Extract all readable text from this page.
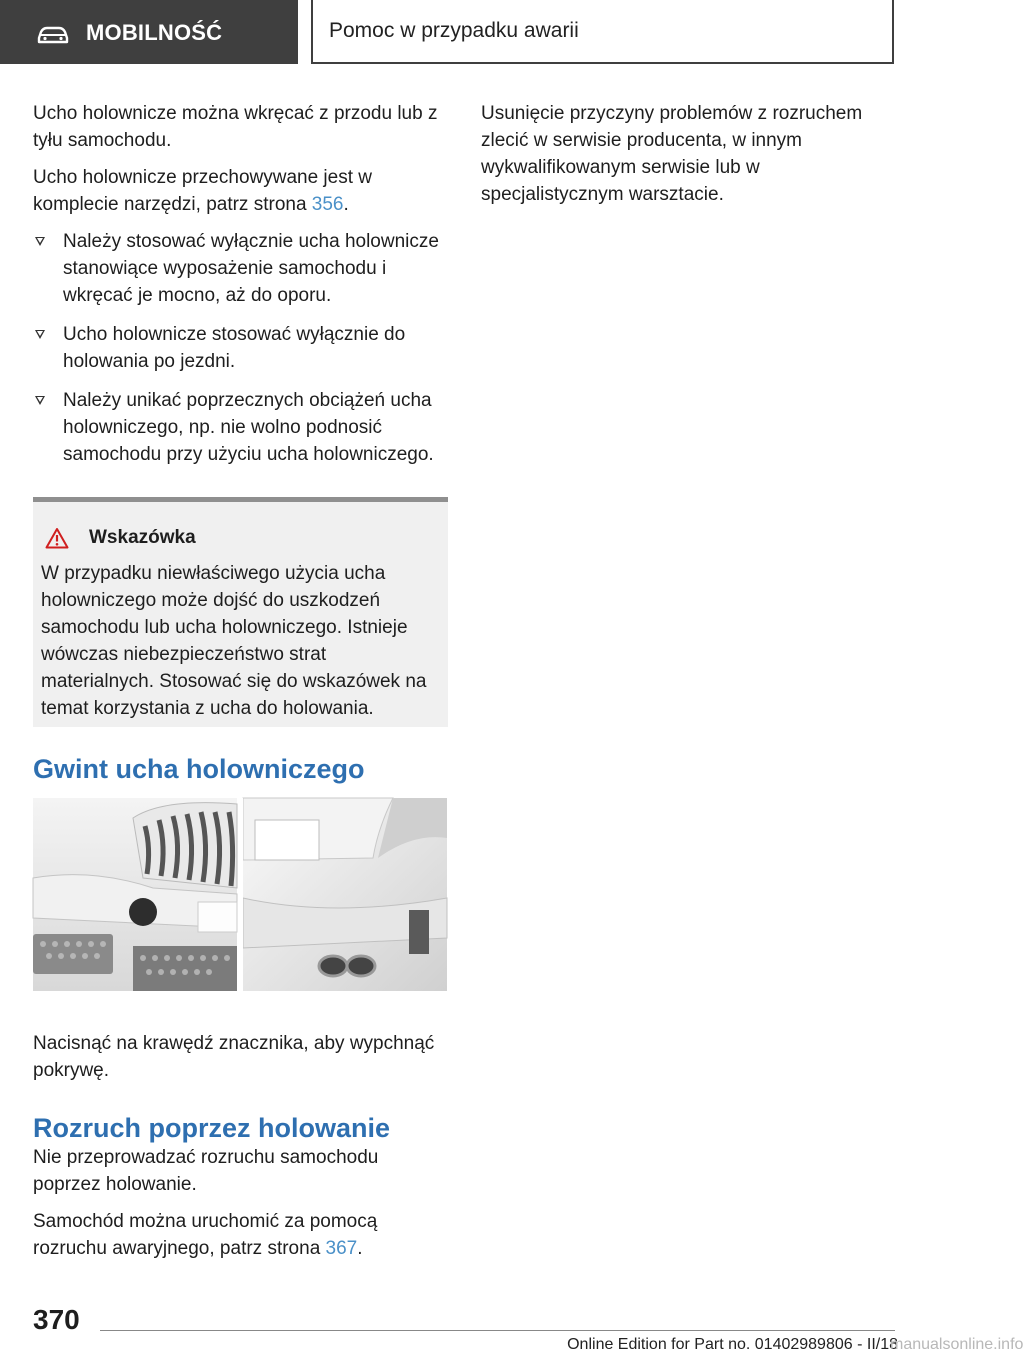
MOBILNOŚĆ	Pomoc w przypadku awarii

Ucho holownicze można wkręcać z przodu lub z tyłu samochodu.

Ucho holownicze przechowywane jest w komplecie narzędzi, patrz strona 356.

Należy stosować wyłącznie ucha holownicze stanowiące wyposażenie samochodu i wkręcać je mocno, aż do oporu.
Ucho holownicze stosować wyłącznie do holowania po jezdni.
Należy unikać poprzecznych obciążeń ucha holowniczego, np. nie wolno podnosić samochodu przy użyciu ucha holowniczego.
Wskazówka
W przypadku niewłaściwego użycia ucha holowniczego może dojść do uszkodzeń samochodu lub ucha holowniczego. Istnieje wówczas niebezpieczeństwo strat materialnych. Stosować się do wskazówek na temat korzystania z ucha do holowania.
Gwint ucha holowniczego

Nacisnąć na krawędź znacznika, aby wypchnąć pokrywę.

Rozruch poprzez holowanie

Nie przeprowadzać rozruchu samochodu poprzez holowanie.

Samochód można uruchomić za pomocą rozruchu awaryjnego, patrz strona 367.

Usunięcie przyczyny problemów z rozruchem zlecić w serwisie producenta, w innym wykwalifikowanym serwisie lub w specjalistycznym warsztacie.

370
Online Edition for Part no. 01402989806 - II/18
manualsonline.info
